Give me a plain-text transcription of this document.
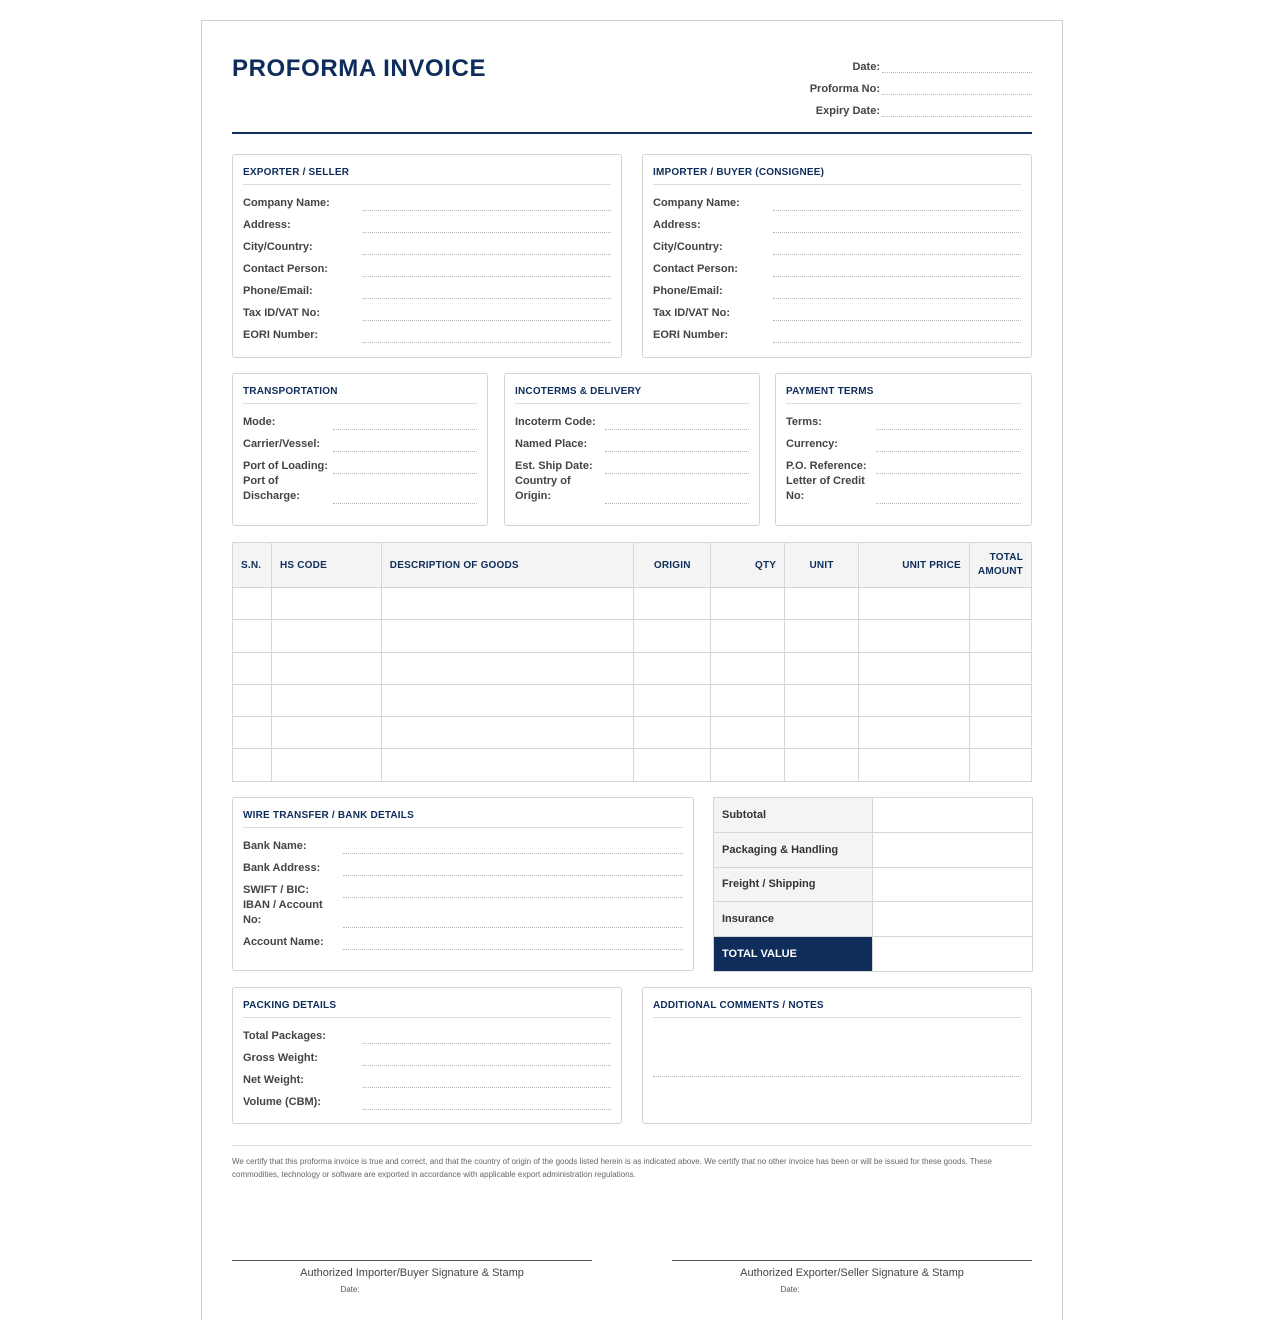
PROFORMA INVOICE	Date:
Proforma No:
Expiry Date:
EXPORTER / SELLER
Company Name:
Address:
City/Country:
Contact Person:
Phone/Email:
Tax ID/VAT No:
EORI Number:
IMPORTER / BUYER (CONSIGNEE)
Company Name:
Address:
City/Country:
Contact Person:
Phone/Email:
Tax ID/VAT No:
EORI Number:
TRANSPORTATION
Mode:
Carrier/Vessel:
Port of Loading:
Port of Discharge:
INCOTERMS & DELIVERY
Incoterm Code:
Named Place:
Est. Ship Date:
Country of Origin:
PAYMENT TERMS
Terms:
Currency:
P.O. Reference:
Letter of Credit No:
S.N.	HS CODE	DESCRIPTION OF GOODS	ORIGIN	QTY	UNIT	UNIT PRICE	TOTAL AMOUNT

WIRE TRANSFER / BANK DETAILS
Bank Name:
Bank Address:
SWIFT / BIC:
IBAN / Account No:
Account Name:
Subtotal	
Packaging & Handling	
Freight / Shipping	
Insurance	
TOTAL VALUE	
PACKING DETAILS
Total Packages:
Gross Weight:
Net Weight:
Volume (CBM):
ADDITIONAL COMMENTS / NOTES
We certify that this proforma invoice is true and correct, and that the country of origin of the goods listed herein is as indicated above. We certify that no other invoice has been or will be issued for these goods. These commodities, technology or software are exported in accordance with applicable export administration regulations.
Authorized Importer/Buyer Signature & Stamp
Date:
Authorized Exporter/Seller Signature & Stamp
Date:
